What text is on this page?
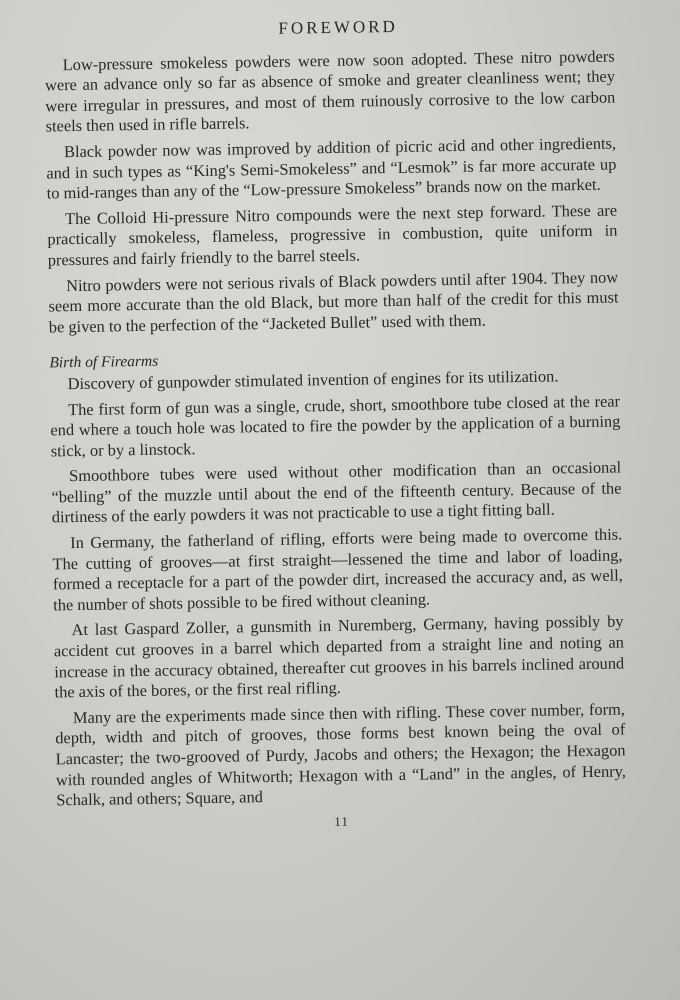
FOREWORD

Low-pressure smokeless powders were now soon adopted. These nitro powders were an advance only so far as absence of smoke and greater cleanliness went; they were irregular in pressures, and most of them ruinously corrosive to the low carbon steels then used in rifle barrels.

Black powder now was improved by addition of picric acid and other ingredients, and in such types as “King's Semi-Smokeless” and “Lesmok” is far more accurate up to mid-ranges than any of the “Low-pressure Smokeless” brands now on the market.

The Colloid Hi-pressure Nitro compounds were the next step forward. These are practically smokeless, flameless, progressive in combustion, quite uniform in pressures and fairly friendly to the barrel steels.

Nitro powders were not serious rivals of Black powders until after 1904. They now seem more accurate than the old Black, but more than half of the credit for this must be given to the perfection of the “Jacketed Bullet” used with them.

Birth of Firearms

Discovery of gunpowder stimulated invention of engines for its utilization.

The first form of gun was a single, crude, short, smoothbore tube closed at the rear end where a touch hole was located to fire the powder by the application of a burning stick, or by a linstock.

Smoothbore tubes were used without other modification than an occasional “belling” of the muzzle until about the end of the fifteenth century. Because of the dirtiness of the early powders it was not practicable to use a tight fitting ball.

In Germany, the fatherland of rifling, efforts were being made to overcome this. The cutting of grooves—at first straight—lessened the time and labor of loading, formed a receptacle for a part of the powder dirt, increased the accuracy and, as well, the number of shots possible to be fired without cleaning.

At last Gaspard Zoller, a gunsmith in Nuremberg, Germany, having possibly by accident cut grooves in a barrel which departed from a straight line and noting an increase in the accuracy obtained, thereafter cut grooves in his barrels inclined around the axis of the bores, or the first real rifling.

Many are the experiments made since then with rifling. These cover number, form, depth, width and pitch of grooves, those forms best known being the oval of Lancaster; the two-grooved of Purdy, Jacobs and others; the Hexagon; the Hexagon with rounded angles of Whitworth; Hexagon with a “Land” in the angles, of Henry, Schalk, and others; Square, and

11
